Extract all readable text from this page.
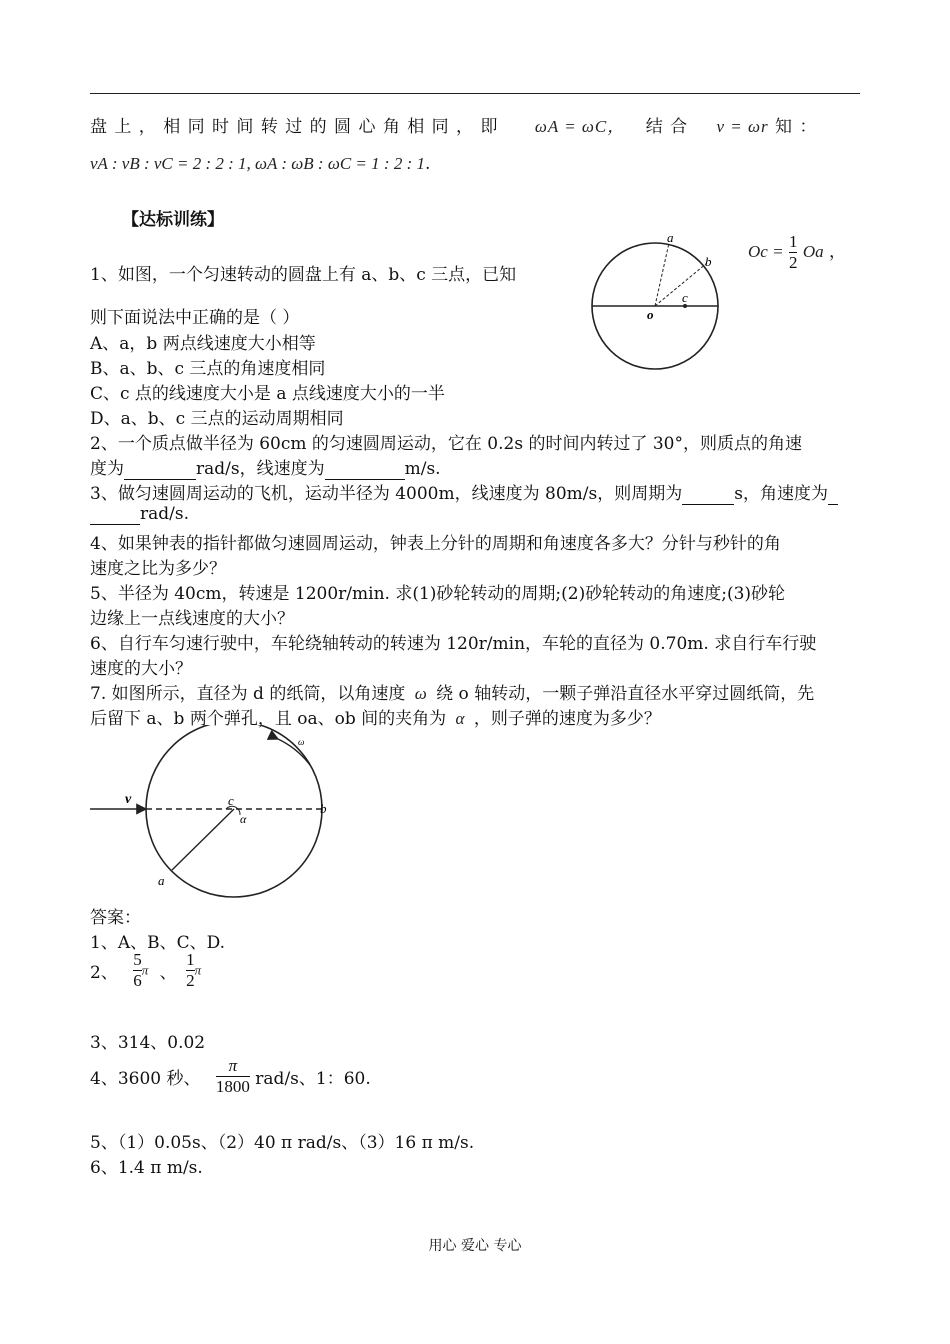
盘 上 ， 相 同 时 间 转 过 的 圆 心 角 相 同 ， 即 ωA = ωC， 结 合 v = ωr 知 ：
vA : vB : vC = 2 : 2 : 1, ωA : ωB : ωC = 1 : 2 : 1.
【达标训练】
1、如图，一个匀速转动的圆盘上有 a、b、c 三点，已知
$Oc = \frac{1}{2}$ Oa ，
a
b
c
o
则下面说法中正确的是（ ）
A、a，b 两点线速度大小相等
B、a、b、c 三点的角速度相同
C、c 点的线速度大小是 a 点线速度大小的一半
D、a、b、c 三点的运动周期相同
2、一个质点做半径为 60cm 的匀速圆周运动，它在 0.2s 的时间内转过了 30°，则质点的角速
度为	rad/s，线速度为	m/s.
3、做匀速圆周运动的飞机，运动半径为 4000m，线速度为 80m/s，则周期为	s，角速度为
rad/s.
4、如果钟表的指针都做匀速圆周运动，钟表上分针的周期和角速度各多大？分针与秒针的角
速度之比为多少？
5、半径为 40cm，转速是 1200r/min. 求(1)砂轮转动的周期;(2)砂轮转动的角速度;(3)砂轮
边缘上一点线速度的大小？
6、自行车匀速行驶中，车轮绕轴转动的转速为 120r/min，车轮的直径为 0.70m. 求自行车行驶
速度的大小？
7. 如图所示，直径为 d 的纸筒，以角速度 ω 绕 o 轴转动，一颗子弹沿直径水平穿过圆纸筒，先
后留下 a、b 两个弹孔，且 oa、ob 间的夹角为 α ，则子弹的速度为多少？
v	c
α
b
a
ω
答案：
1、A、B、C、D.
2、 $\frac{5}{6}$ π 、 $\frac{1}{2}$ π
3、314、0.02
4、3600 秒、 $\frac{\pi}{1800} rad/s$、1：60.
5、（1）0.05s、（2）40 π rad/s、（3）16 π m/s.
6、1.4 π m/s.
用心 爱心 专心
